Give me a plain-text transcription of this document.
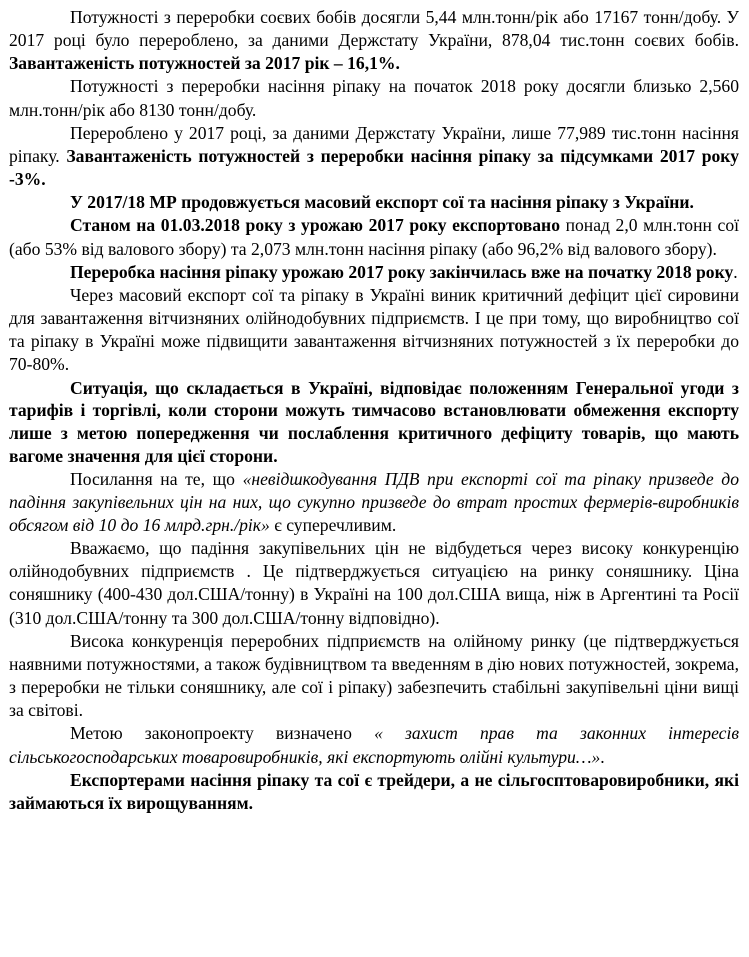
Потужності з переробки соєвих бобів досягли 5,44 млн.тонн/рік або 17167 тонн/добу. У 2017 році було перероблено, за даними Держстату України, 878,04 тис.тонн соєвих бобів. Завантаженість потужностей за 2017 рік – 16,1%.

Потужності з переробки насіння ріпаку на початок 2018 року досягли близько 2,560 млн.тонн/рік або 8130 тонн/добу.

Перероблено у 2017 році, за даними Держстату України, лише 77,989 тис.тонн насіння ріпаку. Завантаженість потужностей з переробки насіння ріпаку за підсумками 2017 року -3%.

У 2017/18 МР продовжується масовий експорт сої та насіння ріпаку з України.

Станом на 01.03.2018 року з урожаю 2017 року експортовано понад 2,0 млн.тонн сої (або 53% від валового збору) та 2,073 млн.тонн насіння ріпаку (або 96,2% від валового збору).

Переробка насіння ріпаку урожаю 2017 року закінчилась вже на початку 2018 року.

Через масовий експорт сої та ріпаку в Україні виник критичний дефіцит цієї сировини для завантаження вітчизняних олійнодобувних підприємств. І це при тому, що виробництво сої та ріпаку в Україні може підвищити завантаження вітчизняних потужностей з їх переробки до 70-80%.

Ситуація, що складається в Україні, відповідає положенням Генеральної угоди з тарифів і торгівлі, коли сторони можуть тимчасово встановлювати обмеження експорту лише з метою попередження чи послаблення критичного дефіциту товарів, що мають вагоме значення для цієї сторони.

Посилання на те, що «невідшкодування ПДВ при експорті сої та ріпаку призведе до падіння закупівельних цін на них, що сукупно призведе до втрат простих фермерів-виробників обсягом від 10 до 16 млрд.грн./рік» є суперечливим.

Вважаємо, що падіння закупівельних цін не відбудеться через високу конкуренцію олійнодобувних підприємств . Це підтверджується ситуацією на ринку соняшнику. Ціна соняшнику (400-430 дол.США/тонну) в Україні на 100 дол.США вища, ніж в Аргентині та Росії (310 дол.США/тонну та 300 дол.США/тонну відповідно).

Висока конкуренція переробних підприємств на олійному ринку (це підтверджується наявними потужностями, а також будівництвом та введенням в дію нових потужностей, зокрема, з переробки не тільки соняшнику, але сої і ріпаку) забезпечить стабільні закупівельні ціни вищі за світові.

Метою законопроекту визначено « захист прав та законних інтересів сільськогосподарських товаровиробників, які експортують олійні культури…».

Експортерами насіння ріпаку та сої є трейдери, а не сільгосптоваровиробники, які займаються їх вирощуванням.
